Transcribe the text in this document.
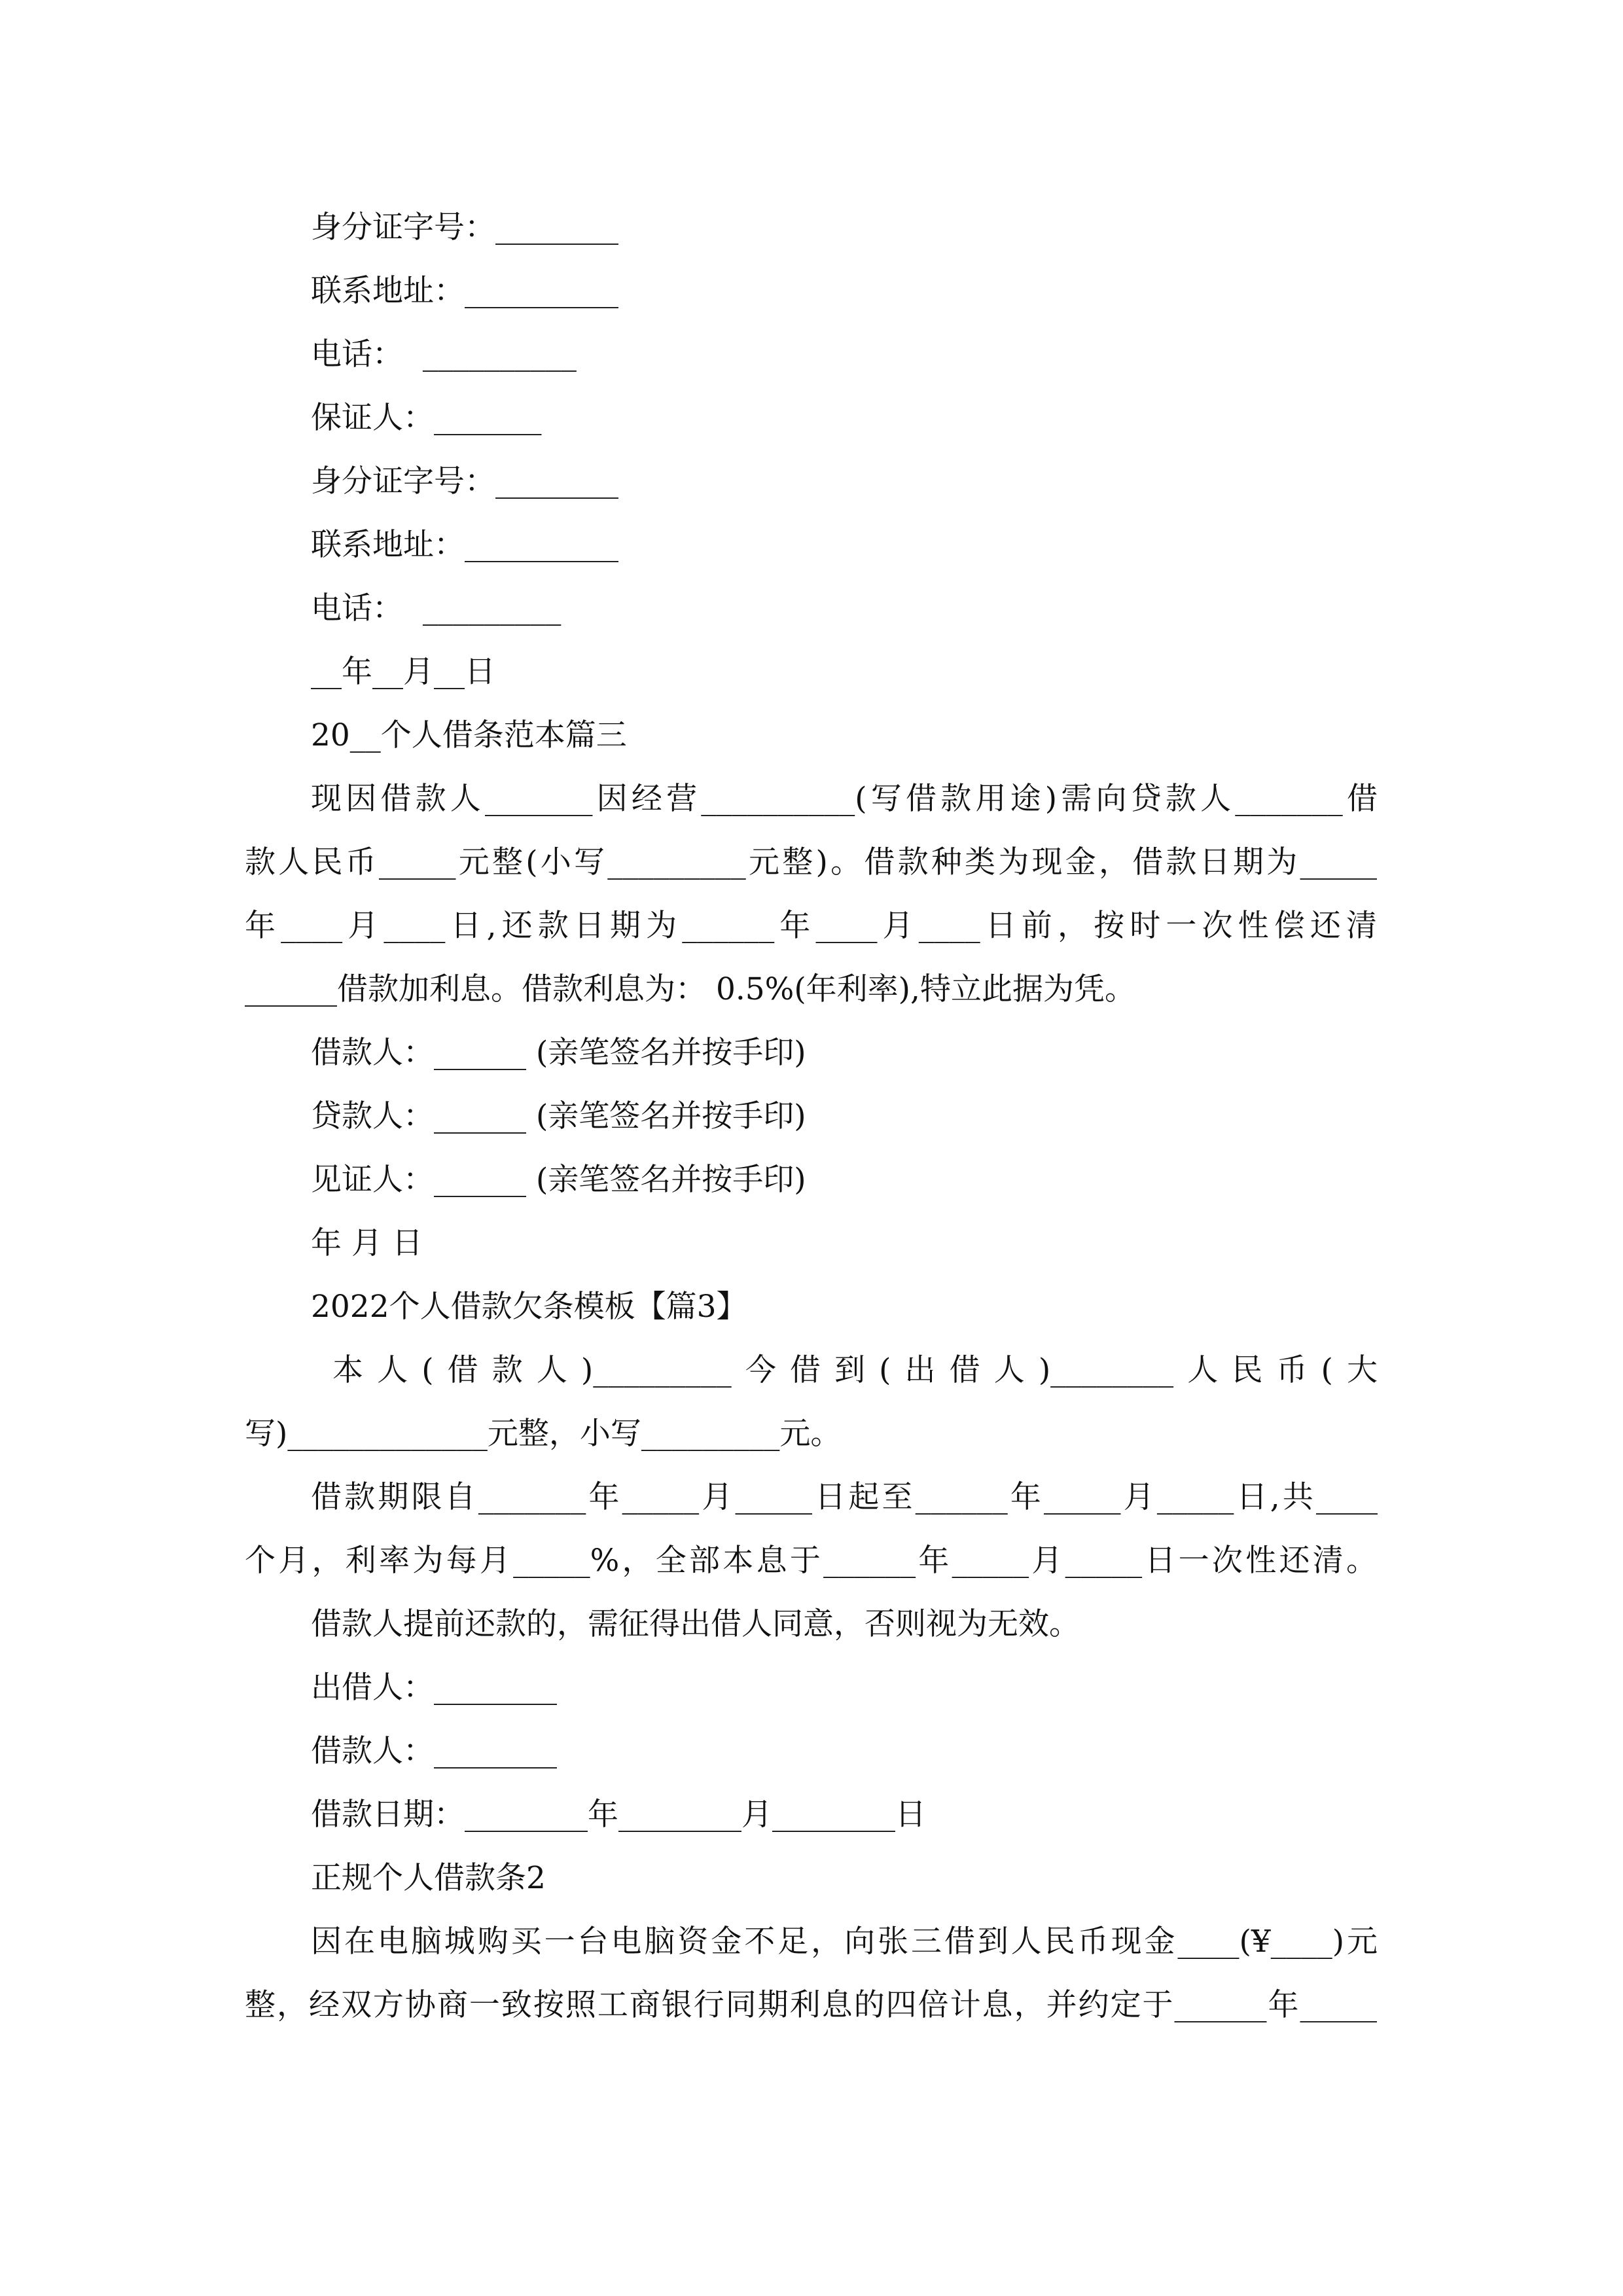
身分证字号：________

联系地址：__________

电话：  __________

保证人：_______

身分证字号：________

联系地址：__________

电话：  _________

__年__月__日

20__个人借条范本篇三

现因借款人_______因经营__________(写借款用途)需向贷款人_______借

款人民币_____元整(小写_________元整)。借款种类为现金，借款日期为_____

年____月____日,还款日期为______年____月____日前，按时一次性偿还清

______借款加利息。借款利息为： 0.5%(年利率),特立此据为凭。

借款人：______ (亲笔签名并按手印)

贷款人：______ (亲笔签名并按手印)

见证人：______ (亲笔签名并按手印)

年 月 日

2022个人借款欠条模板【篇3】

本人(借款人)_________今借到(出借人)________人民币(大

写)_____________元整，小写_________元。

借款期限自_______年_____月_____日起至______年_____月_____日,共____

个月，利率为每月_____%，全部本息于______年_____月_____日一次性还清。

借款人提前还款的，需征得出借人同意，否则视为无效。

出借人：________

借款人：________

借款日期：________年________月________日

正规个人借款条2

因在电脑城购买一台电脑资金不足，向张三借到人民币现金____(¥____)元

整，经双方协商一致按照工商银行同期利息的四倍计息，并约定于______年_____
